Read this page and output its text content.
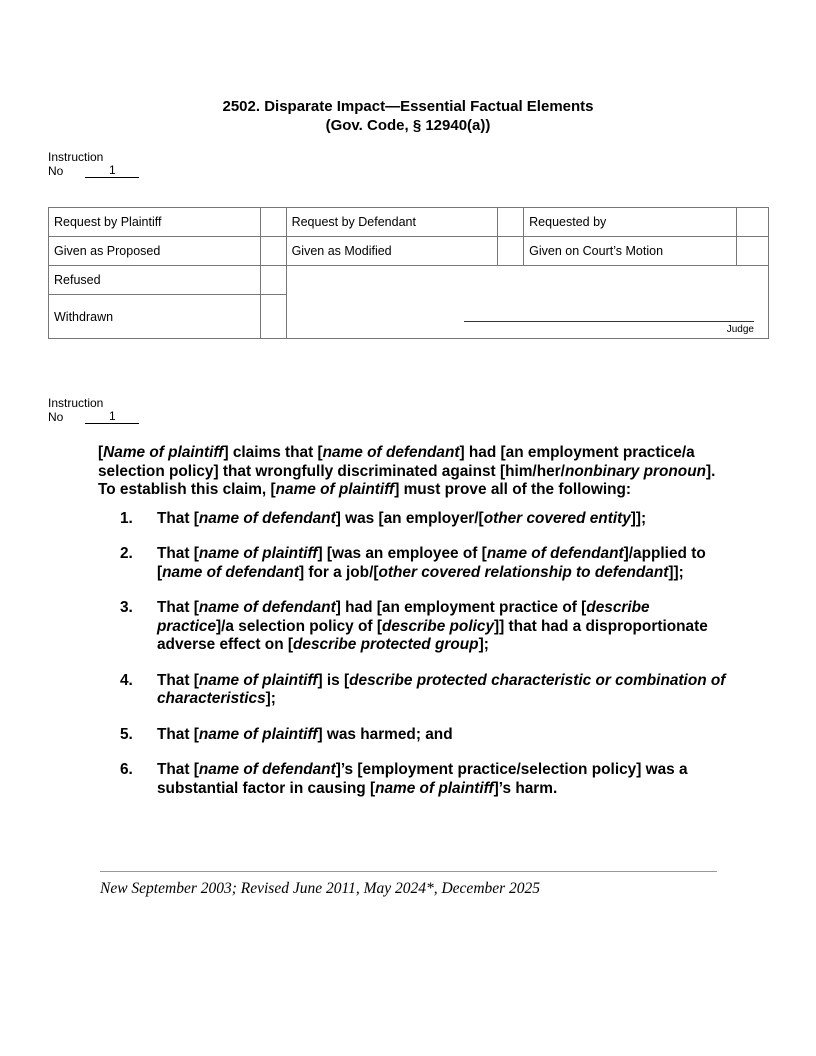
2502. Disparate Impact—Essential Factual Elements
(Gov. Code, § 12940(a))
Instruction
No	1
Request by Plaintiff		Request by Defendant		Requested by	
Given as Proposed		Given as Modified		Given on Court’s Motion	
Refused		Judge			

Withdrawn					
Instruction
No	1

[Name of plaintiff] claims that [name of defendant] had [an employment practice/a selection policy] that wrongfully discriminated against [him/her/nonbinary pronoun]. To establish this claim, [name of plaintiff] must prove all of the following:

1.	That [name of defendant] was [an employer/[other covered entity]];
2.	That [name of plaintiff] [was an employee of [name of defendant]/applied to [name of defendant] for a job/[other covered relationship to defendant]];
3.	That [name of defendant] had [an employment practice of [describe practice]/a selection policy of [describe policy]] that had a disproportionate adverse effect on [describe protected group];
4.	That [name of plaintiff] is [describe protected characteristic or combination of characteristics];
5.	That [name of plaintiff] was harmed; and
6.	That [name of defendant]’s [employment practice/selection policy] was a substantial factor in causing [name of plaintiff]’s harm.
New September 2003; Revised June 2011, May 2024*, December 2025
